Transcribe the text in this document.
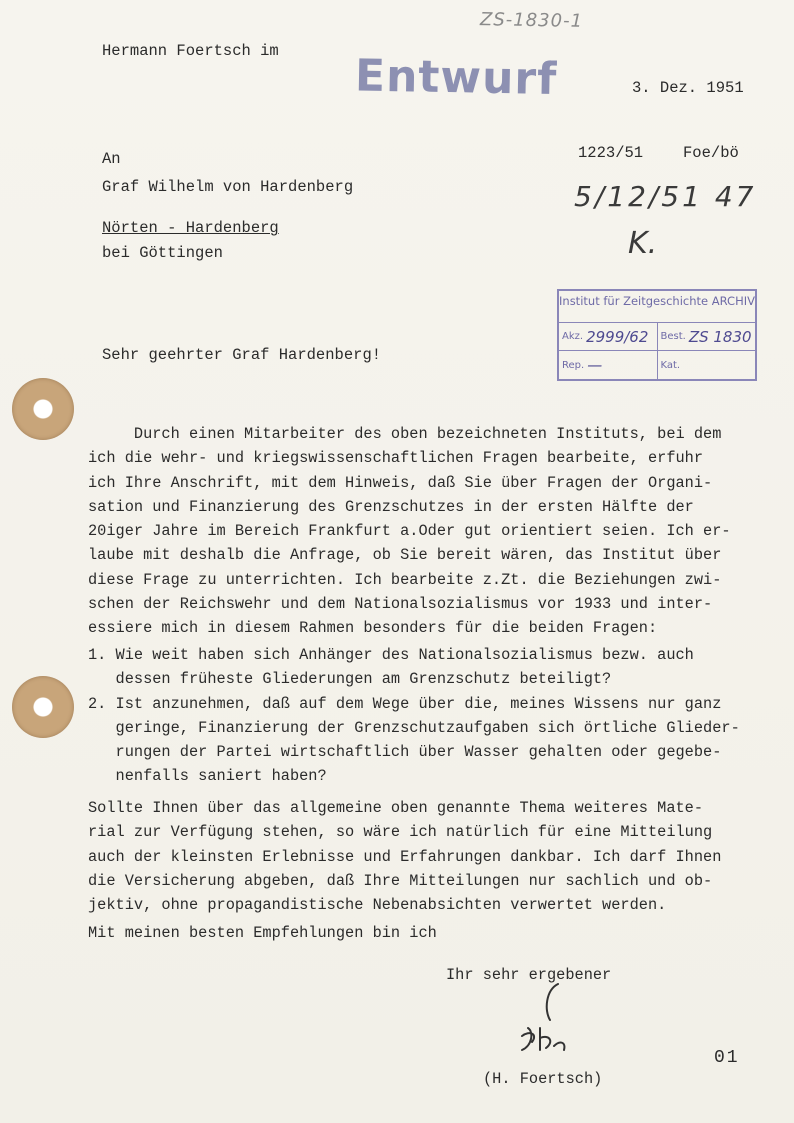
ZS-1830-1
Hermann Foertsch im Entwurf	3. Dez. 1951
1223/51	Foe/bö
5/12/51 47
K.
An
Graf Wilhelm von Hardenberg
Nörten - Hardenberg
bei Göttingen
Institut für Zeitgeschichte ARCHIV
Akz. 2999/62 Best. ZS 1830
Rep. —	Kat.
Sehr geehrter Graf Hardenberg!
Durch einen Mitarbeiter des oben bezeichneten Instituts, bei dem
ich die wehr- und kriegswissenschaftlichen Fragen bearbeite, erfuhr
ich Ihre Anschrift, mit dem Hinweis, daß Sie über Fragen der Organi-
sation und Finanzierung des Grenzschutzes in der ersten Hälfte der
20iger Jahre im Bereich Frankfurt a.Oder gut orientiert seien. Ich er-
laube mit deshalb die Anfrage, ob Sie bereit wären, das Institut über
diese Frage zu unterrichten. Ich bearbeite z.Zt. die Beziehungen zwi-
schen der Reichswehr und dem Nationalsozialismus vor 1933 und inter-
essiere mich in diesem Rahmen besonders für die beiden Fragen:
1. Wie weit haben sich Anhänger des Nationalsozialismus bezw. auch
dessen früheste Gliederungen am Grenzschutz beteiligt?
2. Ist anzunehmen, daß auf dem Wege über die, meines Wissens nur ganz
geringe, Finanzierung der Grenzschutzaufgaben sich örtliche Glieder-
rungen der Partei wirtschaftlich über Wasser gehalten oder gegebe-
nenfalls saniert haben?
Sollte Ihnen über das allgemeine oben genannte Thema weiteres Mate-
rial zur Verfügung stehen, so wäre ich natürlich für eine Mitteilung
auch der kleinsten Erlebnisse und Erfahrungen dankbar. Ich darf Ihnen
die Versicherung abgeben, daß Ihre Mitteilungen nur sachlich und ob-
jektiv, ohne propagandistische Nebenabsichten verwertet werden.
Mit meinen besten Empfehlungen bin ich
Ihr sehr ergebener
(H. Foertsch)
01
